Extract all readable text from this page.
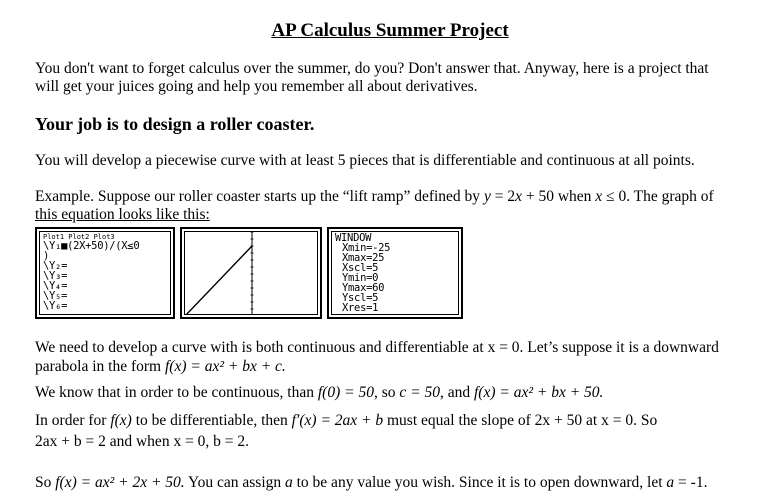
AP Calculus Summer Project
You don't want to forget calculus over the summer, do you? Don't answer that. Anyway, here is a project that
will get your juices going and help you remember all about derivatives.
Your job is to design a roller coaster.
You will develop a piecewise curve with at least 5 pieces that is differentiable and continuous at all points.
Example. Suppose our roller coaster starts up the “lift ramp” defined by y = 2x + 50 when x ≤ 0. The graph of
this equation looks like this:
Plot1 Plot2 Plot3
\Y₁■(2X+50)/(X≤0
)
\Y₂=
\Y₃=
\Y₄=
\Y₅=
\Y₆=
WINDOW
Xmin=-25
Xmax=25
Xscl=5
Ymin=0
Ymax=60
Yscl=5
Xres=1
We need to develop a curve with is both continuous and differentiable at x = 0. Let’s suppose it is a downward
parabola in the form f(x) = ax² + bx + c.
We know that in order to be continuous, than f(0) = 50, so c = 50, and f(x) = ax² + bx + 50.
In order for f(x) to be differentiable, then f′(x) = 2ax + b must equal the slope of 2x + 50 at x = 0. So
2ax + b = 2 and when x = 0, b = 2.
So f(x) = ax² + 2x + 50. You can assign a to be any value you wish. Since it is to open downward, let a = -1.
